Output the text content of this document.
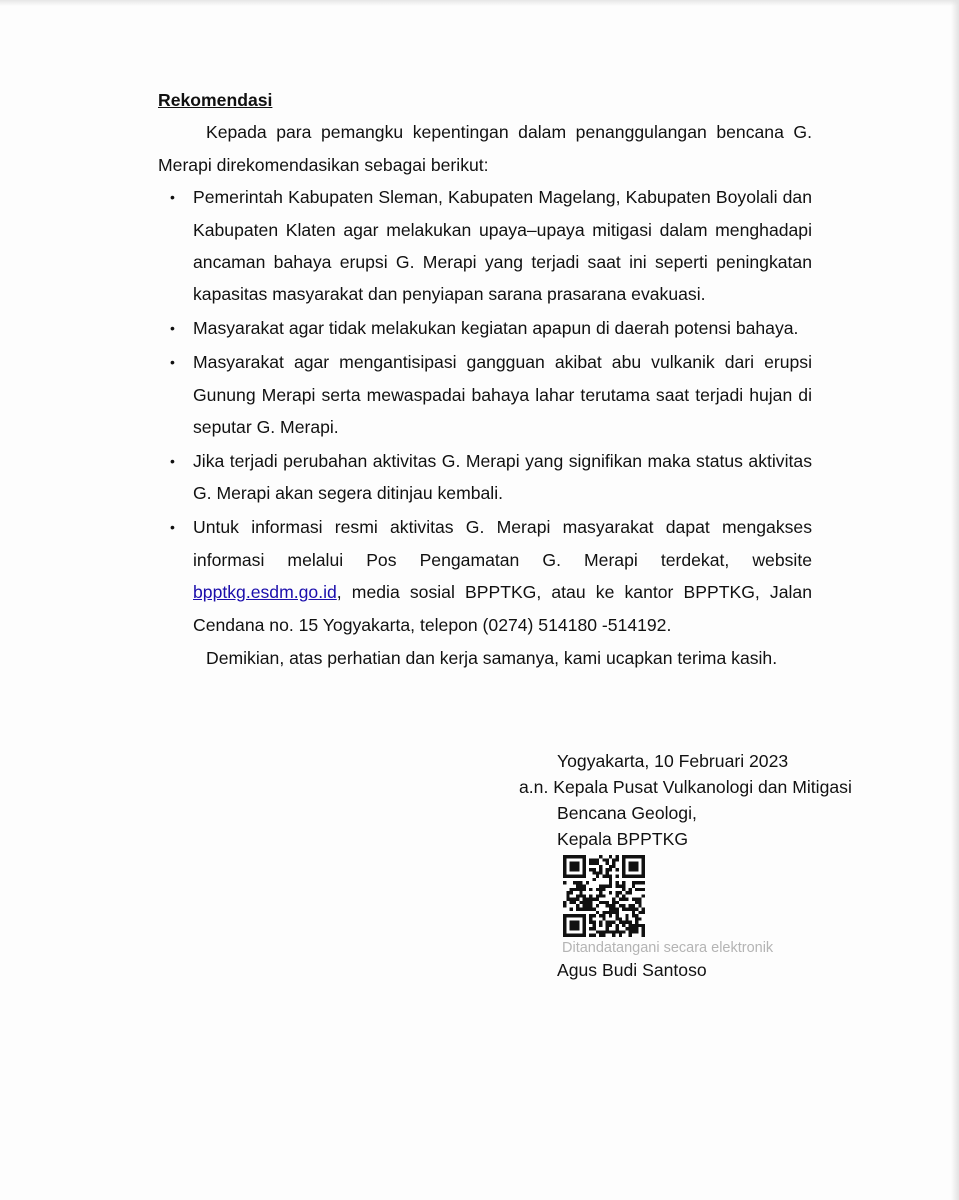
Rekomendasi

Kepada para pemangku kepentingan dalam penanggulangan bencana G. Merapi direkomendasikan sebagai berikut:

• Pemerintah Kabupaten Sleman, Kabupaten Magelang, Kabupaten Boyolali dan Kabupaten Klaten agar melakukan upaya–upaya mitigasi dalam menghadapi ancaman bahaya erupsi G. Merapi yang terjadi saat ini seperti peningkatan kapasitas masyarakat dan penyiapan sarana prasarana evakuasi.
• Masyarakat agar tidak melakukan kegiatan apapun di daerah potensi bahaya.
• Masyarakat agar mengantisipasi gangguan akibat abu vulkanik dari erupsi Gunung Merapi serta mewaspadai bahaya lahar terutama saat terjadi hujan di seputar G. Merapi.
• Jika terjadi perubahan aktivitas G. Merapi yang signifikan maka status aktivitas G. Merapi akan segera ditinjau kembali.
• Untuk informasi resmi aktivitas G. Merapi masyarakat dapat mengakses informasi melalui Pos Pengamatan G. Merapi terdekat, website bpptkg.esdm.go.id, media sosial BPPTKG, atau ke kantor BPPTKG, Jalan Cendana no. 15 Yogyakarta, telepon (0274) 514180 -514192.

Demikian, atas perhatian dan kerja samanya, kami ucapkan terima kasih.

Yogyakarta, 10 Februari 2023

a.n. Kepala Pusat Vulkanologi dan Mitigasi

Bencana Geologi,

Kepala BPPTKG

Ditandatangani secara elektronik
Agus Budi Santoso
